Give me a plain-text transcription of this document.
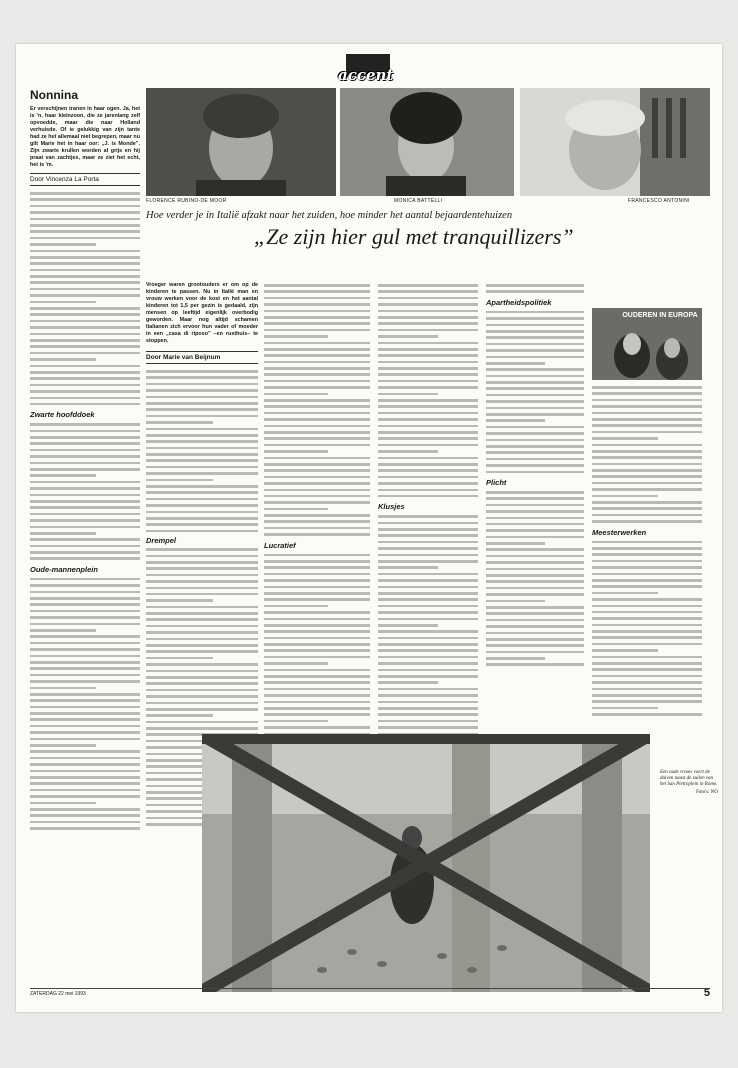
accent
Nonnina
Er verschijnen tranen in haar ogen. Ja, het is 'n, haar kleinzoon, die ze jarenlang zelf opvoedde, maar die naar Holland verhuisde. Of ie gelukkig van zijn tante had ze het allemaal niet begrepen, maar nu gilt Marie het in haar oor: „J. is Monde”. Zijn zwarte krullen worden al grijs en hij praat van zachtjes, maar ze ziet het echt, het is 'm.
Door Vincenza La Porta
Zwarte hoofddoek
Oude-mannenplein
FLORENCE RUBINO-DE MOOR	MONICA BATTELLI	FRANCESCO ANTONINI
Hoe verder je in Italië afzakt naar het zuiden, hoe minder het aantal bejaardentehuizen
„Ze zijn hier gul met tranquillizers”
Vroeger waren grootouders er om op de kinderen te passen. Nu in Italië man en vrouw werken voor de kost en het aantal kinderen tot 1,5 per gezin is gedaald, zijn mensen op leeftijd eigenlijk overbodig geworden. Maar nog altijd schamen Italianen zich ervoor hun vader of moeder in een „casa di riposo” –en rusthuis– te stoppen.
Door Marie van Beijnum
Drempel	Lucratief
Klusjes
Apartheidspolitiek
Plicht
OUDEREN IN EUROPA
Meesterwerken
Een oude vrouw voert de duiven naast de zuilen van het San Pietroplein in Rome.
Foto's: NO
ZATERDAG 22 mei 1993	5
